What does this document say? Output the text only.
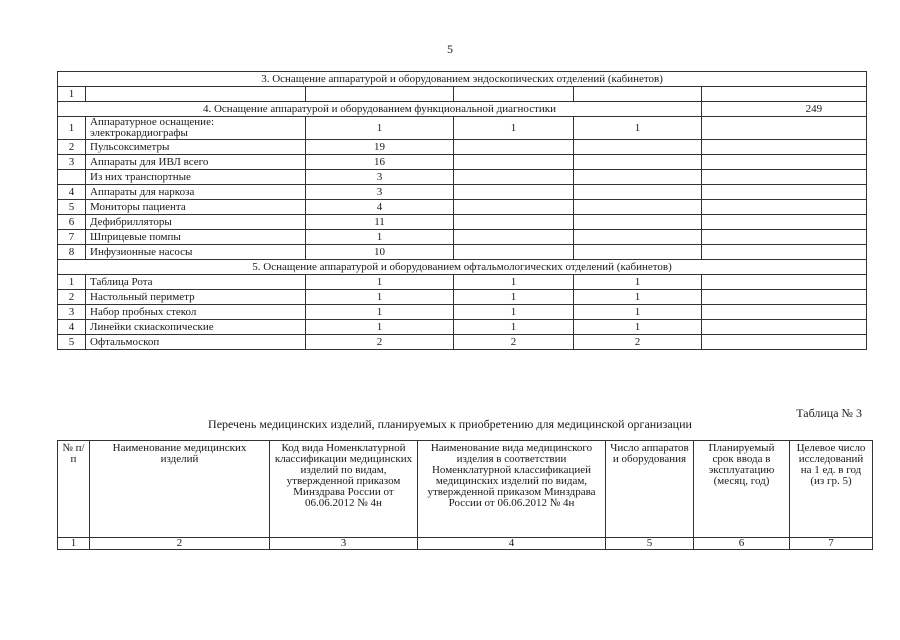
5
3. Оснащение аппаратурой и оборудованием эндоскопических отделений (кабинетов)					
1					
4. Оснащение аппаратурой и оборудованием функциональной диагностики					249
1	Аппаратурное оснащение: электрокардиографы	1	1	1	
2	Пульсоксиметры	19			
3	Аппараты для ИВЛ всего	16			
	Из них транспортные	3			
4	Аппараты для наркоза	3			
5	Мониторы пациента	4			
6	Дефибрилляторы	11			
7	Шприцевые помпы	1			
8	Инфузионные насосы	10			
5. Оснащение аппаратурой и оборудованием офтальмологических отделений (кабинетов)					
1	Таблица Рота	1	1	1	
2	Настольный периметр	1	1	1	
3	Набор пробных стекол	1	1	1	
4	Линейки скиаскопические	1	1	1	
5	Офтальмоскоп	2	2	2	
Таблица № 3
Перечень медицинских изделий, планируемых к приобретению для медицинской организации
№ п/п	Наименование медицинских изделий	Код вида Номенклатурной классификации медицинских изделий по видам, утвержденной приказом Минздрава России от 06.06.2012 № 4н	Наименование вида медицинского изделия в соответствии Номенклатурной классификацией медицинских изделий по видам, утвержденной приказом Минздрава России от 06.06.2012 № 4н	Число аппаратов и оборудования	Планируемый срок ввода в эксплуатацию (месяц, год)	Целевое число исследований на 1 ед. в год (из гр. 5)
1	2	3	4	5	6	7
